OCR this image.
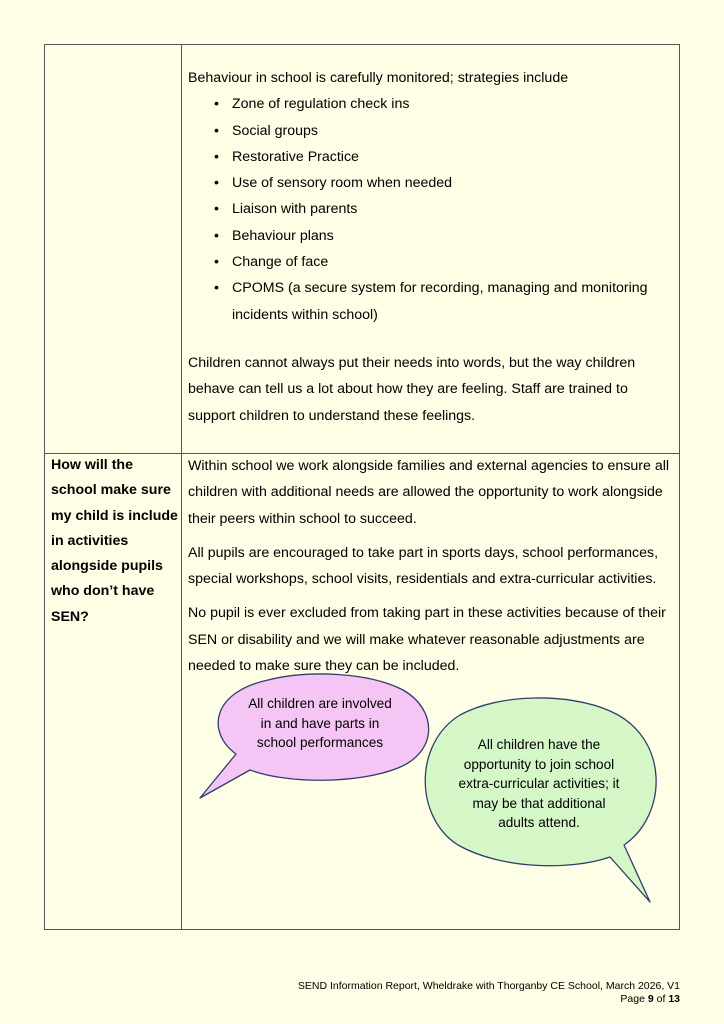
Behaviour in school is carefully monitored; strategies include
• Zone of regulation check ins
• Social groups
• Restorative Practice
• Use of sensory room when needed
• Liaison with parents
• Behaviour plans
• Change of face
• CPOMS (a secure system for recording, managing and monitoring incidents within school)
Children cannot always put their needs into words, but the way children behave can tell us a lot about how they are feeling. Staff are trained to support children to understand these feelings.
How will the school make sure my child is include in activities alongside pupils who don’t have SEN?

Within school we work alongside families and external agencies to ensure all children with additional needs are allowed the opportunity to work alongside their peers within school to succeed.

All pupils are encouraged to take part in sports days, school performances, special workshops, school visits, residentials and extra-curricular activities.

No pupil is ever excluded from taking part in these activities because of their SEN or disability and we will make whatever reasonable adjustments are needed to make sure they can be included.

All children are involved in and have parts in school performances	All children have the opportunity to join school extra-curricular activities; it may be that additional adults attend.
SEND Information Report, Wheldrake with Thorganby CE School, March 2026, V1
Page 9 of 13
